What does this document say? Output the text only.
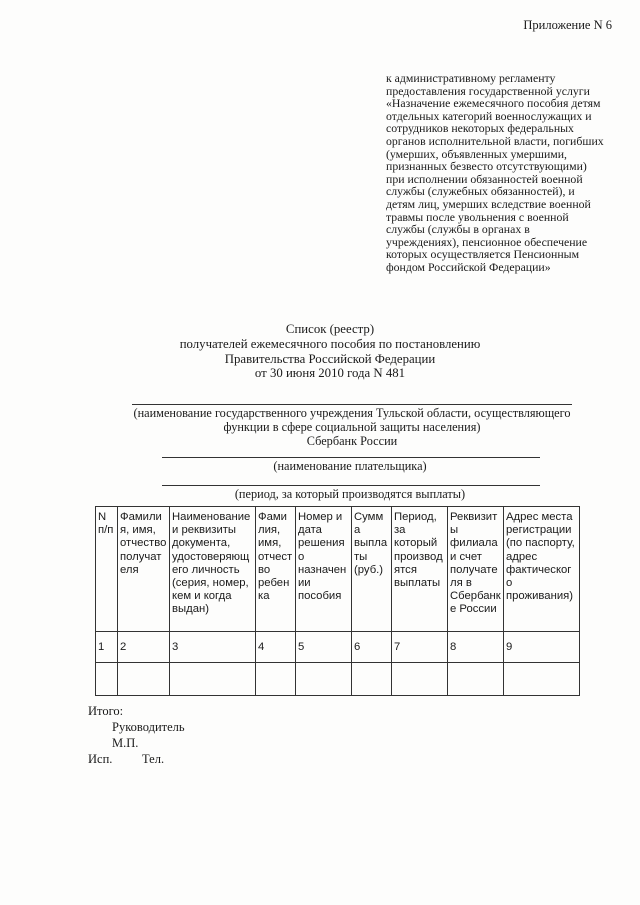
Приложение N 6
к административному регламенту
предоставления государственной услуги
«Назначение ежемесячного пособия детям
отдельных категорий военнослужащих и
сотрудников некоторых федеральных
органов исполнительной власти, погибших
(умерших, объявленных умершими,
признанных безвесто отсутствующими)
при исполнении обязанностей военной
службы (служебных обязанностей), и
детям лиц, умерших вследствие военной
травмы после увольнения с военной
службы (службы в органах в
учреждениях), пенсионное обеспечение
которых осуществляется Пенсионным
фондом Российской Федерации»
Список (реестр)
получателей ежемесячного пособия по постановлению
Правительства Российской Федерации
от 30 июня 2010 года N 481
(наименование государственного учреждения Тульской области, осуществляющего
функции в сфере социальной защиты населения)
Сбербанк России
(наименование плательщика)
(период, за который производятся выплаты)
N п/п	Фамилия, имя, отчество получателя	Наименование и реквизиты документа, удостоверяющего личность (серия, номер, кем и когда выдан)	Фамилия, имя, отчество ребенка	Номер и дата решения о назначении пособия	Сумма выплаты (руб.)	Период, за который производятся выплаты	Реквизиты филиала и счет получателя в Сбербанке России	Адрес места регистрации (по паспорту, адрес фактического проживания)
1	2	3	4	5	6	7	8	9

Итого:
Руководитель
М.П.
Исп. Тел.
